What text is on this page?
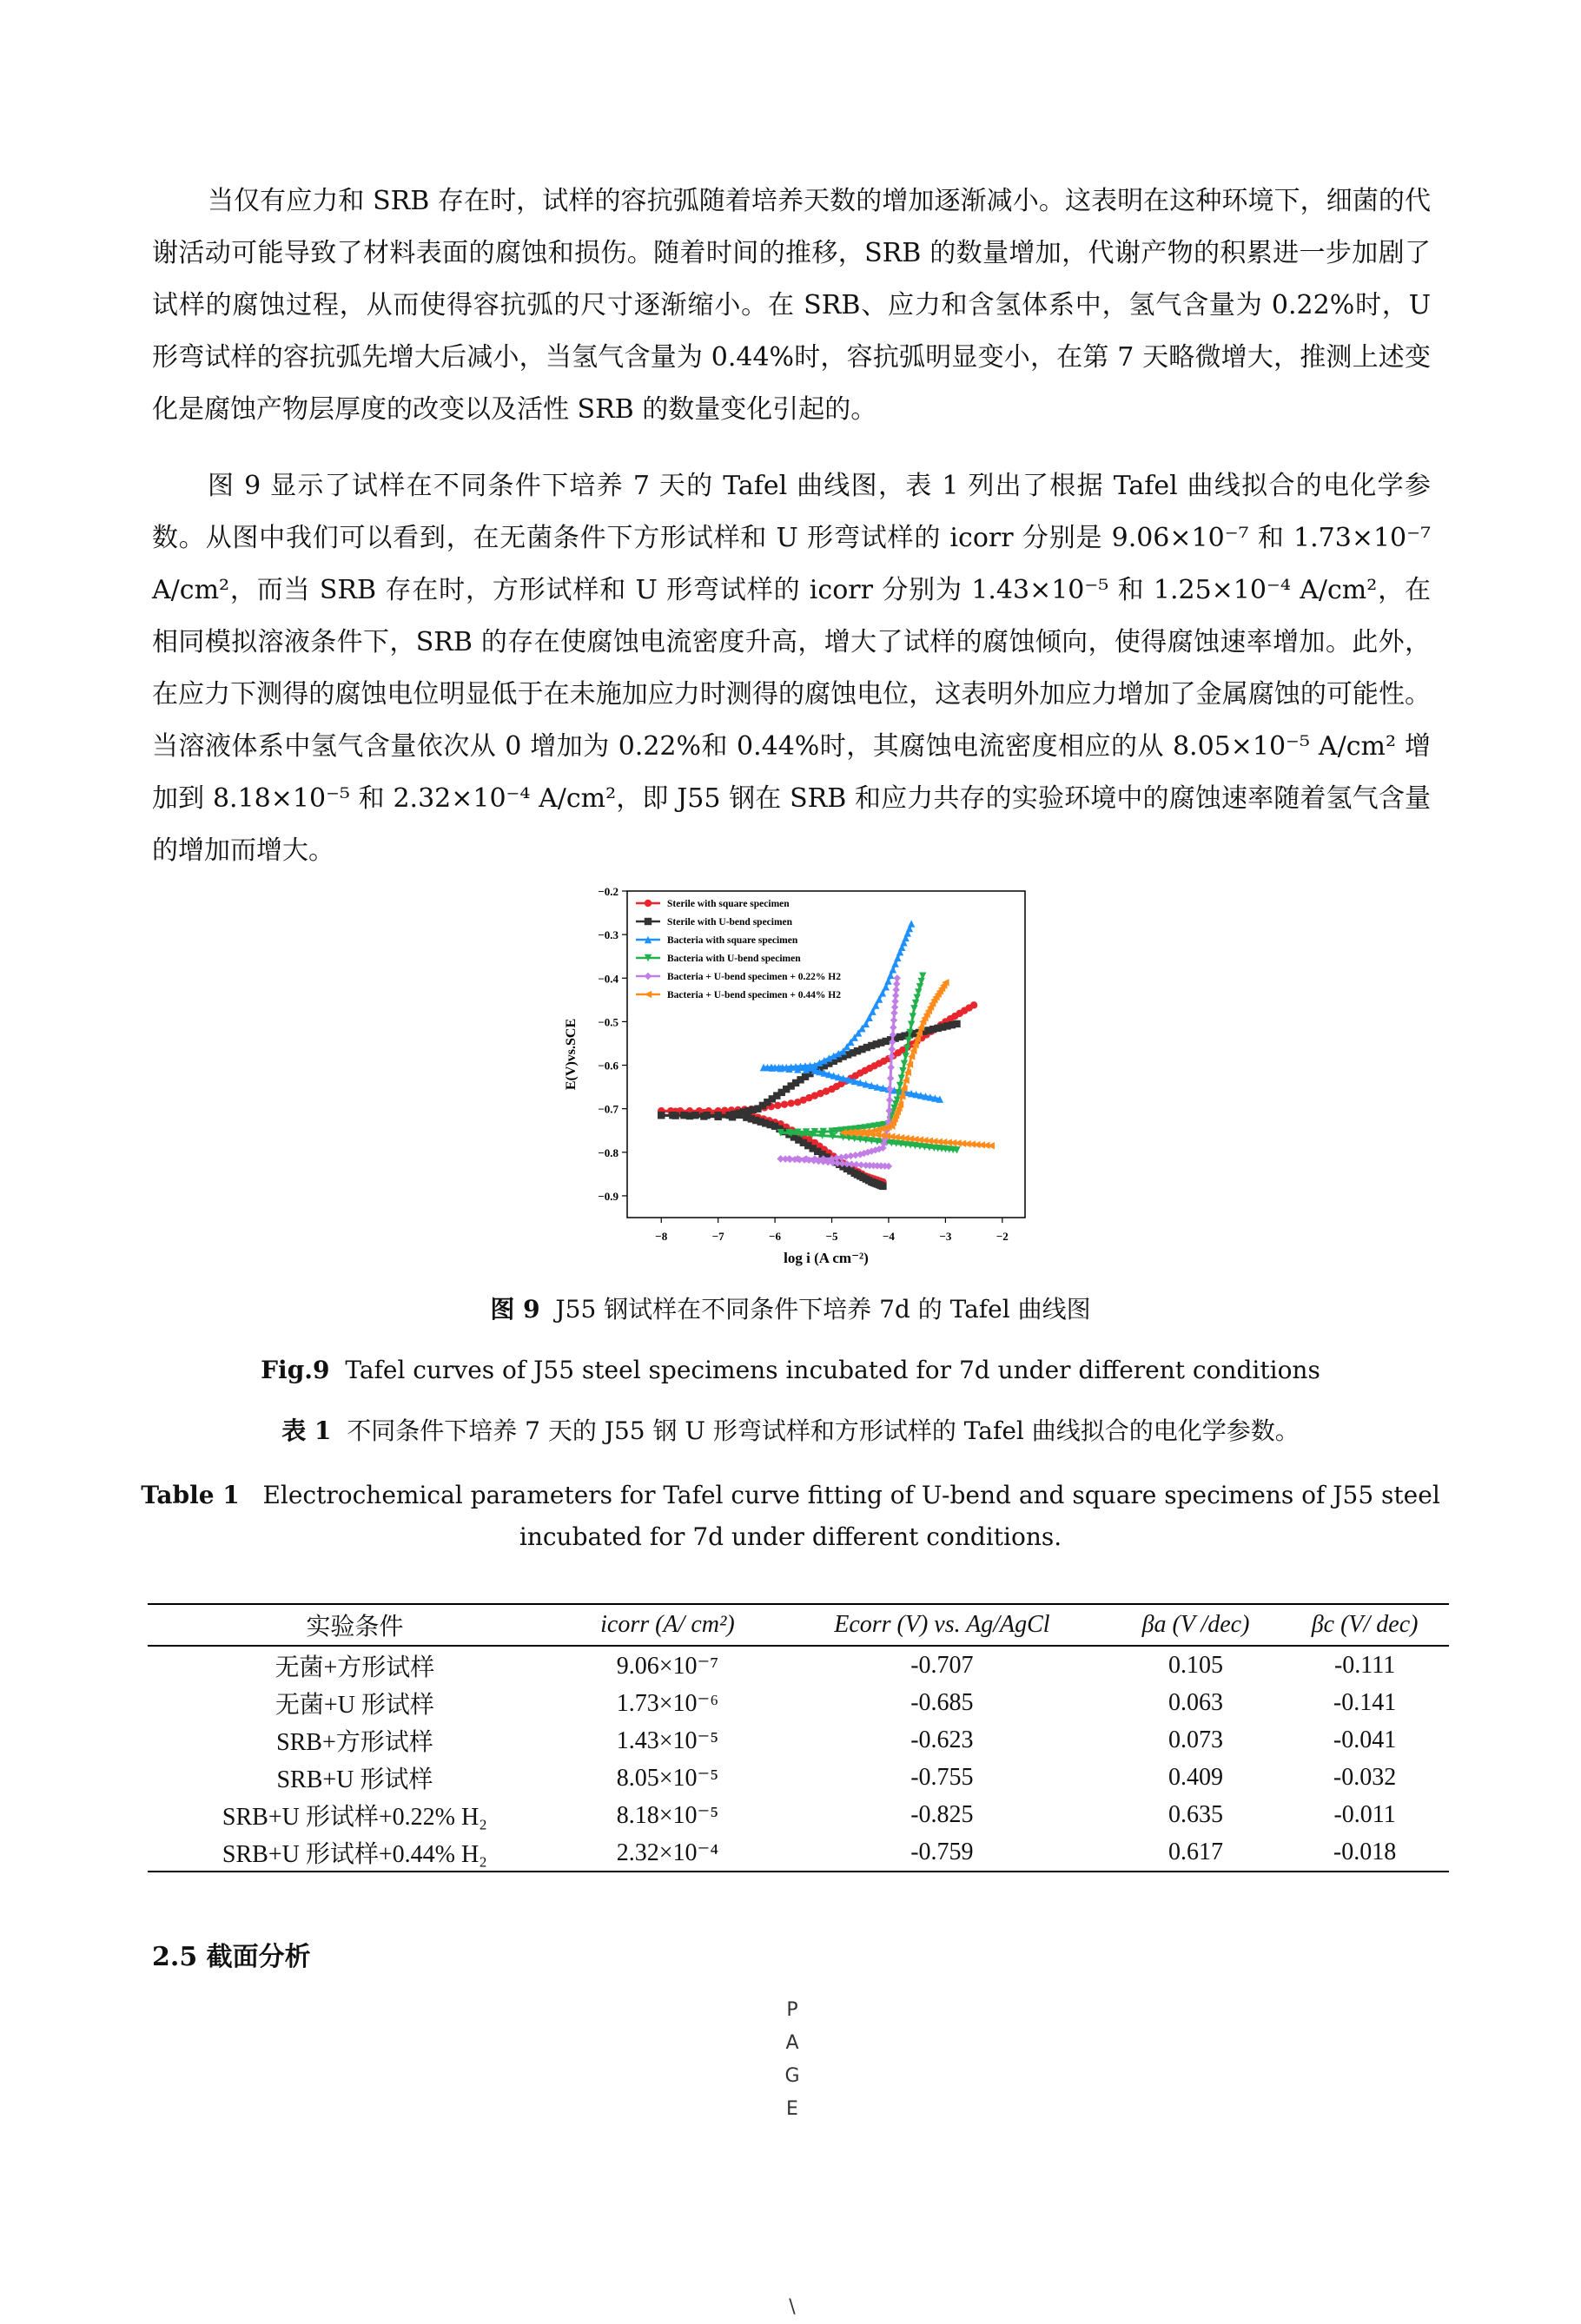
当仅有应力和 SRB 存在时，试样的容抗弧随着培养天数的增加逐渐减小。这表明在这种环境下，细菌的代谢活动可能导致了材料表面的腐蚀和损伤。随着时间的推移，SRB 的数量增加，代谢产物的积累进一步加剧了试样的腐蚀过程，从而使得容抗弧的尺寸逐渐缩小。在 SRB、应力和含氢体系中，氢气含量为 0.22%时，U 形弯试样的容抗弧先增大后减小，当氢气含量为 0.44%时，容抗弧明显变小，在第 7 天略微增大，推测上述变化是腐蚀产物层厚度的改变以及活性 SRB 的数量变化引起的。

图 9 显示了试样在不同条件下培养 7 天的 Tafel 曲线图，表 1 列出了根据 Tafel 曲线拟合的电化学参数。从图中我们可以看到，在无菌条件下方形试样和 U 形弯试样的 icorr 分别是 9.06×10⁻⁷ 和 1.73×10⁻⁷ A/cm²，而当 SRB 存在时，方形试样和 U 形弯试样的 icorr 分别为 1.43×10⁻⁵ 和 1.25×10⁻⁴ A/cm²，在相同模拟溶液条件下，SRB 的存在使腐蚀电流密度升高，增大了试样的腐蚀倾向，使得腐蚀速率增加。此外，在应力下测得的腐蚀电位明显低于在未施加应力时测得的腐蚀电位，这表明外加应力增加了金属腐蚀的可能性。当溶液体系中氢气含量依次从 0 增加为 0.22%和 0.44%时，其腐蚀电流密度相应的从 8.05×10⁻⁵ A/cm² 增加到 8.18×10⁻⁵ 和 2.32×10⁻⁴ A/cm²，即 J55 钢在 SRB 和应力共存的实验环境中的腐蚀速率随着氢气含量的增加而增大。

−8	−7	−6	−5	−4	−3	−2
−0.2
−0.3
−0.4
−0.5
−0.6
−0.7
−0.8
−0.9
log i (A cm⁻²)
E(V)vs.SCE
Sterile with square specimen
Sterile with U-bend specimen
Bacteria with square specimen
Bacteria with U-bend specimen
Bacteria + U-bend specimen + 0.22% H2
Bacteria + U-bend specimen + 0.44% H2
图 9 J55 钢试样在不同条件下培养 7d 的 Tafel 曲线图
Fig.9 Tafel curves of J55 steel specimens incubated for 7d under different conditions
表 1 不同条件下培养 7 天的 J55 钢 U 形弯试样和方形试样的 Tafel 曲线拟合的电化学参数。
Table 1 Electrochemical parameters for Tafel curve fitting of U-bend and square specimens of J55 steel
incubated for 7d under different conditions.
实验条件	icorr (A/ cm²)	Ecorr (V) vs. Ag/AgCl	βa (V /dec)	βc (V/ dec)
无菌+方形试样	9.06×10⁻⁷	-0.707	0.105	-0.111
无菌+U 形试样	1.73×10⁻⁶	-0.685	0.063	-0.141
SRB+方形试样	1.43×10⁻⁵	-0.623	0.073	-0.041
SRB+U 形试样	8.05×10⁻⁵	-0.755	0.409	-0.032
SRB+U 形试样+0.22% H₂	8.18×10⁻⁵	-0.825	0.635	-0.011
SRB+U 形试样+0.44% H₂	2.32×10⁻⁴	-0.759	0.617	-0.018
2.5 截面分析
P
A
G
E
\
